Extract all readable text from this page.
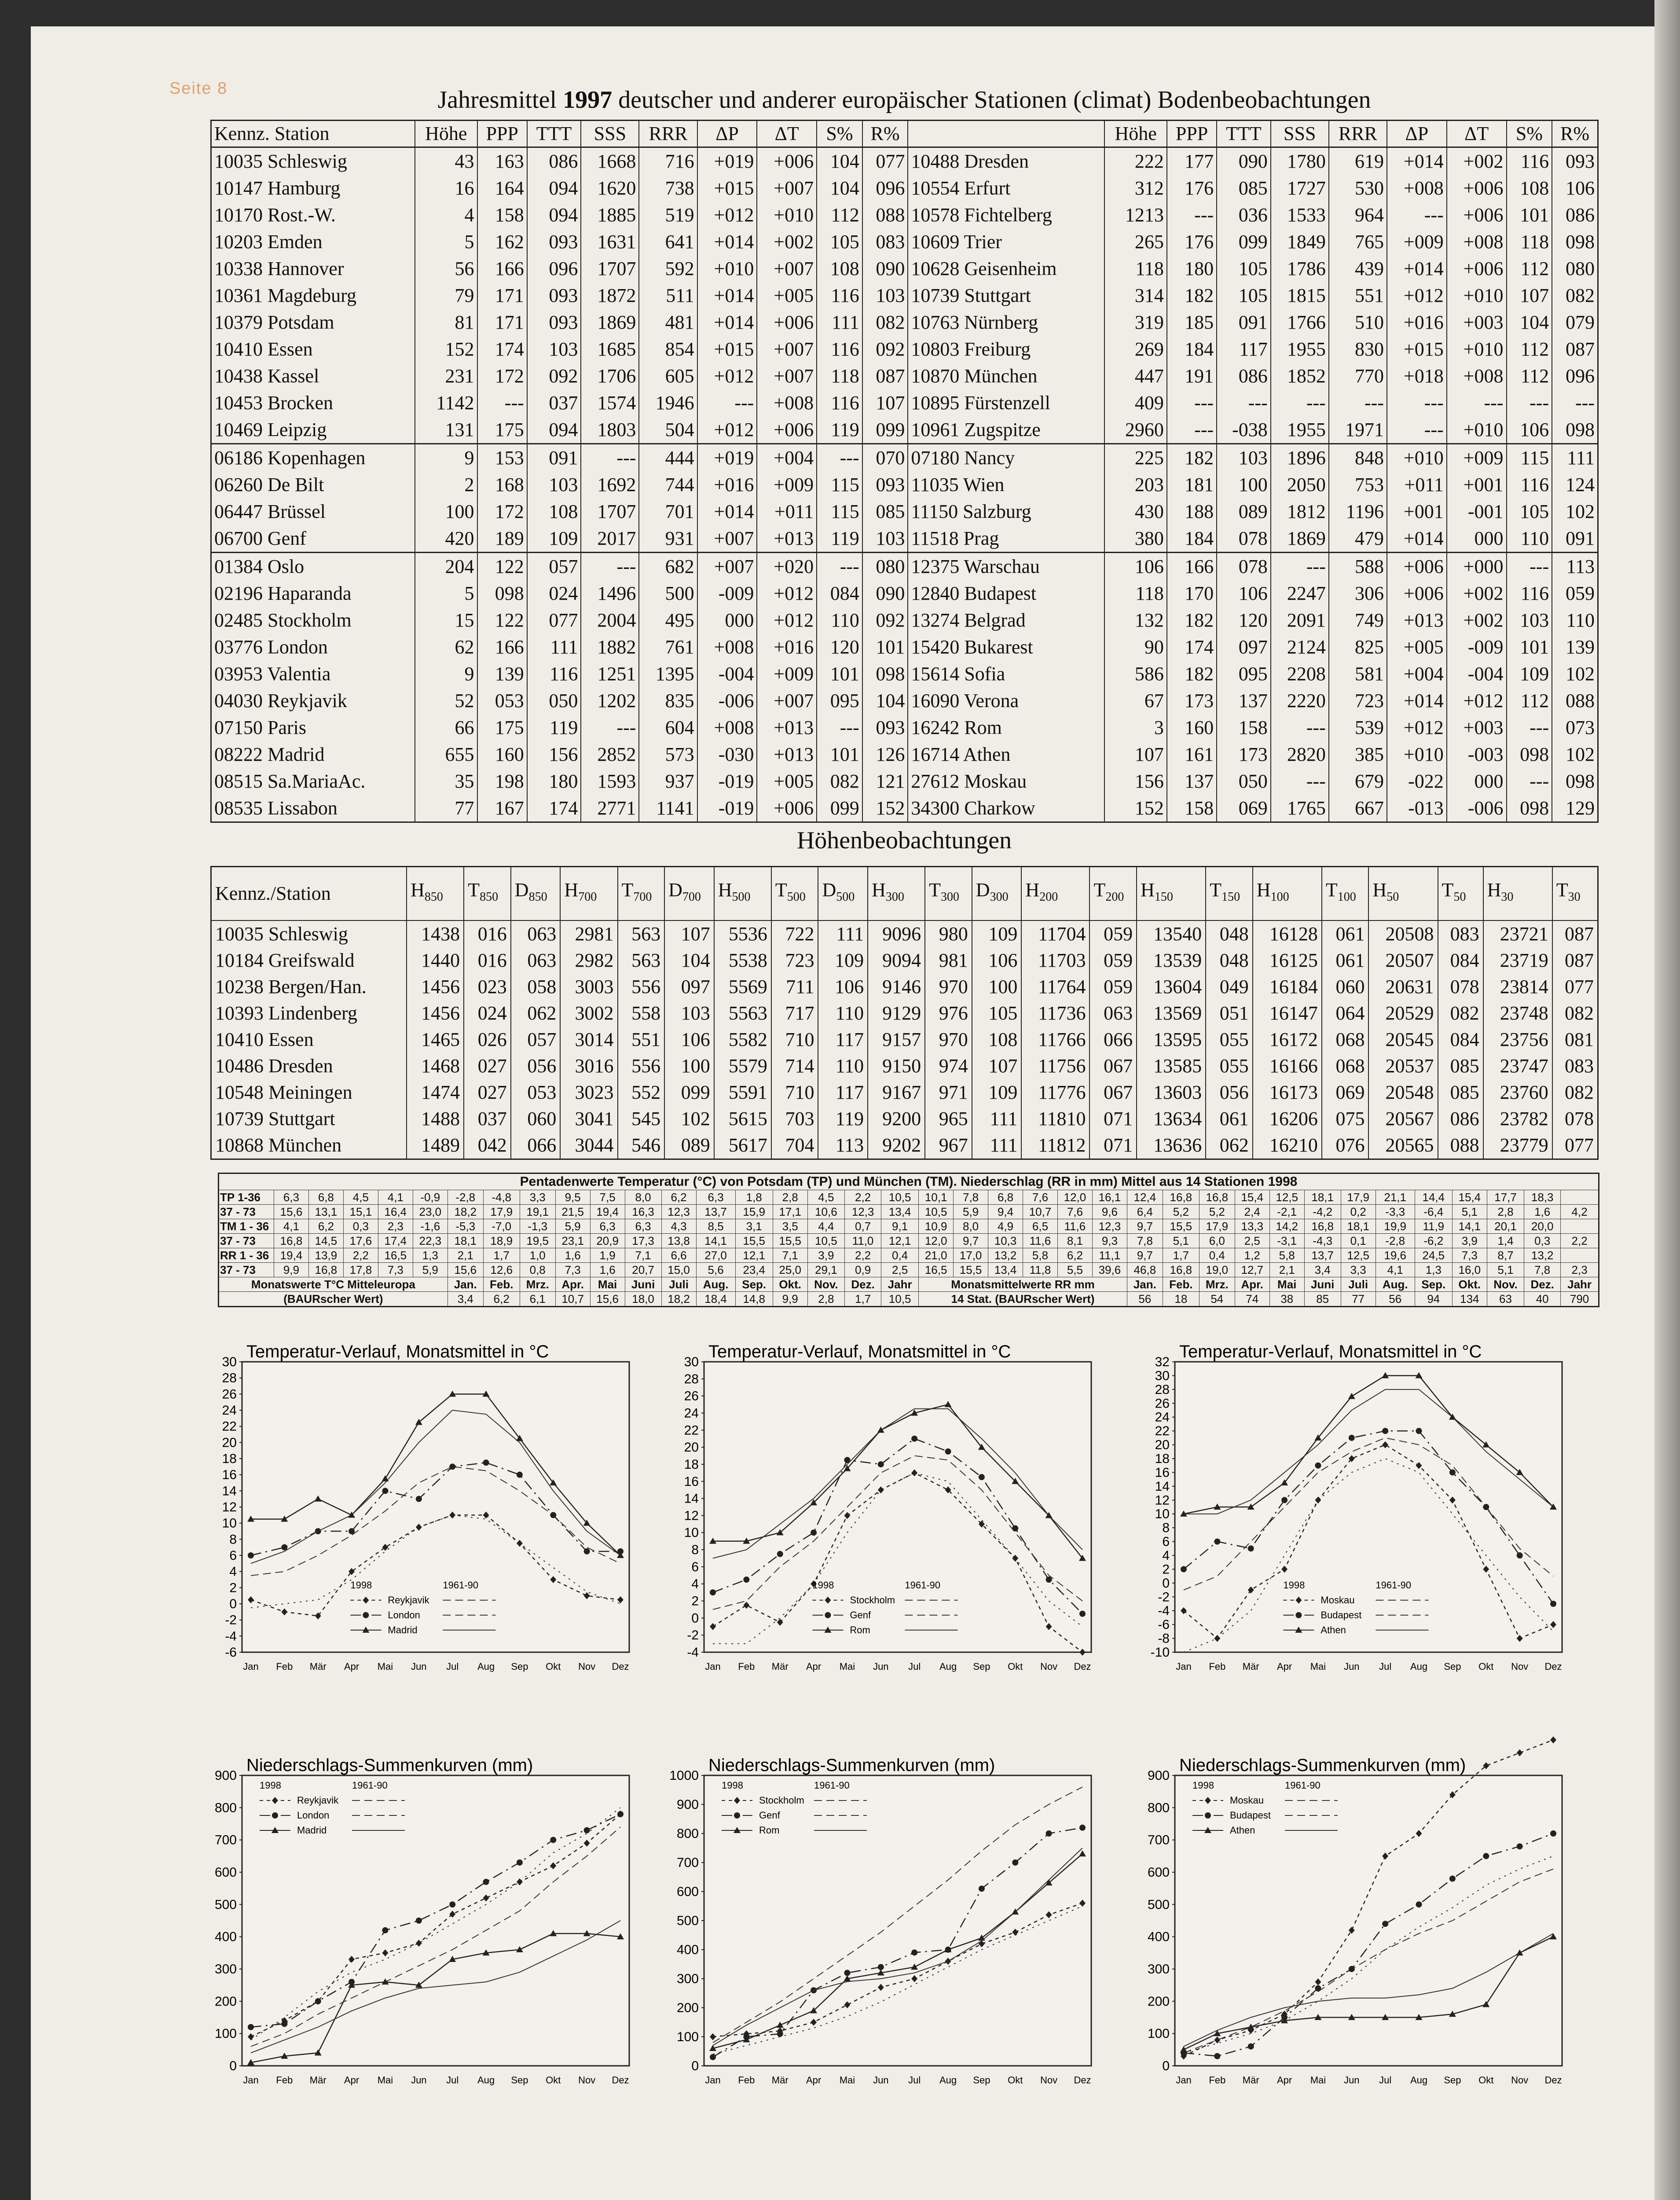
Seite 8	Jahresmittel 1997 deutscher und anderer europäischer Stationen (climat) Bodenbeobachtungen
Kennz. Station	Höhe	PPP	TTT	SSS	RRR	ΔP	ΔT	S%	R%		Höhe	PPP	TTT	SSS	RRR	ΔP	ΔT	S%	R%
10035 Schleswig	43	163	086	1668	716	+019	+006	104	077	10488 Dresden	222	177	090	1780	619	+014	+002	116	093
10147 Hamburg	16	164	094	1620	738	+015	+007	104	096	10554 Erfurt	312	176	085	1727	530	+008	+006	108	106
10170 Rost.-W.	4	158	094	1885	519	+012	+010	112	088	10578 Fichtelberg	1213	---	036	1533	964	---	+006	101	086
10203 Emden	5	162	093	1631	641	+014	+002	105	083	10609 Trier	265	176	099	1849	765	+009	+008	118	098
10338 Hannover	56	166	096	1707	592	+010	+007	108	090	10628 Geisenheim	118	180	105	1786	439	+014	+006	112	080
10361 Magdeburg	79	171	093	1872	511	+014	+005	116	103	10739 Stuttgart	314	182	105	1815	551	+012	+010	107	082
10379 Potsdam	81	171	093	1869	481	+014	+006	111	082	10763 Nürnberg	319	185	091	1766	510	+016	+003	104	079
10410 Essen	152	174	103	1685	854	+015	+007	116	092	10803 Freiburg	269	184	117	1955	830	+015	+010	112	087
10438 Kassel	231	172	092	1706	605	+012	+007	118	087	10870 München	447	191	086	1852	770	+018	+008	112	096
10453 Brocken	1142	---	037	1574	1946	---	+008	116	107	10895 Fürstenzell	409	---	---	---	---	---	---	---	---
10469 Leipzig	131	175	094	1803	504	+012	+006	119	099	10961 Zugspitze	2960	---	-038	1955	1971	---	+010	106	098
06186 Kopenhagen	9	153	091	---	444	+019	+004	---	070	07180 Nancy	225	182	103	1896	848	+010	+009	115	111
06260 De Bilt	2	168	103	1692	744	+016	+009	115	093	11035 Wien	203	181	100	2050	753	+011	+001	116	124
06447 Brüssel	100	172	108	1707	701	+014	+011	115	085	11150 Salzburg	430	188	089	1812	1196	+001	-001	105	102
06700 Genf	420	189	109	2017	931	+007	+013	119	103	11518 Prag	380	184	078	1869	479	+014	000	110	091
01384 Oslo	204	122	057	---	682	+007	+020	---	080	12375 Warschau	106	166	078	---	588	+006	+000	---	113
02196 Haparanda	5	098	024	1496	500	-009	+012	084	090	12840 Budapest	118	170	106	2247	306	+006	+002	116	059
02485 Stockholm	15	122	077	2004	495	000	+012	110	092	13274 Belgrad	132	182	120	2091	749	+013	+002	103	110
03776 London	62	166	111	1882	761	+008	+016	120	101	15420 Bukarest	90	174	097	2124	825	+005	-009	101	139
03953 Valentia	9	139	116	1251	1395	-004	+009	101	098	15614 Sofia	586	182	095	2208	581	+004	-004	109	102
04030 Reykjavik	52	053	050	1202	835	-006	+007	095	104	16090 Verona	67	173	137	2220	723	+014	+012	112	088
07150 Paris	66	175	119	---	604	+008	+013	---	093	16242 Rom	3	160	158	---	539	+012	+003	---	073
08222 Madrid	655	160	156	2852	573	-030	+013	101	126	16714 Athen	107	161	173	2820	385	+010	-003	098	102
08515 Sa.MariaAc.	35	198	180	1593	937	-019	+005	082	121	27612 Moskau	156	137	050	---	679	-022	000	---	098
08535 Lissabon	77	167	174	2771	1141	-019	+006	099	152	34300 Charkow	152	158	069	1765	667	-013	-006	098	129
Höhenbeobachtungen
Kennz./Station	$H_{850}$	$T_{850}$	$D_{850}$	$H_{700}$	$T_{700}$	$D_{700}$	$H_{500}$	$T_{500}$	$D_{500}$	$H_{300}$	$T_{300}$	$D_{300}$	$H_{200}$	$T_{200}$	$H_{150}$	$T_{150}$	$H_{100}$	$T_{100}$	$H_{50}$	$T_{50}$	$H_{30}$	$T_{30}$
10035 Schleswig	1438	016	063	2981	563	107	5536	722	111	9096	980	109	11704	059	13540	048	16128	061	20508	083	23721	087
10184 Greifswald	1440	016	063	2982	563	104	5538	723	109	9094	981	106	11703	059	13539	048	16125	061	20507	084	23719	087
10238 Bergen/Han.	1456	023	058	3003	556	097	5569	711	106	9146	970	100	11764	059	13604	049	16184	060	20631	078	23814	077
10393 Lindenberg	1456	024	062	3002	558	103	5563	717	110	9129	976	105	11736	063	13569	051	16147	064	20529	082	23748	082
10410 Essen	1465	026	057	3014	551	106	5582	710	117	9157	970	108	11766	066	13595	055	16172	068	20545	084	23756	081
10486 Dresden	1468	027	056	3016	556	100	5579	714	110	9150	974	107	11756	067	13585	055	16166	068	20537	085	23747	083
10548 Meiningen	1474	027	053	3023	552	099	5591	710	117	9167	971	109	11776	067	13603	056	16173	069	20548	085	23760	082
10739 Stuttgart	1488	037	060	3041	545	102	5615	703	119	9200	965	111	11810	071	13634	061	16206	075	20567	086	23782	078
10868 München	1489	042	066	3044	546	089	5617	704	113	9202	967	111	11812	071	13636	062	16210	076	20565	088	23779	077
Pentadenwerte Temperatur (°C) von Potsdam (TP) und München (TM). Niederschlag (RR in mm) Mittel aus 14 Stationen 1998																																					
TP 1-36	6,3	6,8	4,5	4,1	-0,9	-2,8	-4,8	3,3	9,5	7,5	8,0	6,2	6,3	1,8	2,8	4,5	2,2	10,5	10,1	7,8	6,8	7,6	12,0	16,1	12,4	16,8	16,8	15,4	12,5	18,1	17,9	21,1	14,4	15,4	17,7	18,3	
37 - 73	15,6	13,1	15,1	16,4	23,0	18,2	17,9	19,1	21,5	19,4	16,3	12,3	13,7	15,9	17,1	10,6	12,3	13,4	10,5	5,9	9,4	10,7	7,6	9,6	6,4	5,2	5,2	2,4	-2,1	-4,2	0,2	-3,3	-6,4	5,1	2,8	1,6	4,2
TM 1 - 36	4,1	6,2	0,3	2,3	-1,6	-5,3	-7,0	-1,3	5,9	6,3	6,3	4,3	8,5	3,1	3,5	4,4	0,7	9,1	10,9	8,0	4,9	6,5	11,6	12,3	9,7	15,5	17,9	13,3	14,2	16,8	18,1	19,9	11,9	14,1	20,1	20,0	
37 - 73	16,8	14,5	17,6	17,4	22,3	18,1	18,9	19,5	23,1	20,9	17,3	13,8	14,1	15,5	15,5	10,5	11,0	12,1	12,0	9,7	10,3	11,6	8,1	9,3	7,8	5,1	6,0	2,5	-3,1	-4,3	0,1	-2,8	-6,2	3,9	1,4	0,3	2,2
RR 1 - 36	19,4	13,9	2,2	16,5	1,3	2,1	1,7	1,0	1,6	1,9	7,1	6,6	27,0	12,1	7,1	3,9	2,2	0,4	21,0	17,0	13,2	5,8	6,2	11,1	9,7	1,7	0,4	1,2	5,8	13,7	12,5	19,6	24,5	7,3	8,7	13,2	
37 - 73	9,9	16,8	17,8	7,3	5,9	15,6	12,6	0,8	7,3	1,6	20,7	15,0	5,6	23,4	25,0	29,1	0,9	2,5	16,5	15,5	13,4	11,8	5,5	39,6	46,8	16,8	19,0	12,7	2,1	3,4	3,3	4,1	1,3	16,0	5,1	7,8	2,3
Monatswerte T°C Mitteleuropa						Jan.	Feb.	Mrz.	Apr.	Mai	Juni	Juli	Aug.	Sep.	Okt.	Nov.	Dez.	Jahr	Monatsmittelwerte RR mm						Jan.	Feb.	Mrz.	Apr.	Mai	Juni	Juli	Aug.	Sep.	Okt.	Nov.	Dez.	Jahr
(BAURscher Wert)						3,4	6,2	6,1	10,7	15,6	18,0	18,2	18,4	14,8	9,9	2,8	1,7	10,5	14 Stat. (BAURscher Wert)						56	18	54	74	38	85	77	56	94	134	63	40	790
Temperatur-Verlauf, Monatsmittel in °C
-6
-4
-2
0
2
4
6
8
10
12
14
16
18
20
22
24
26
28
30
Jan Feb Mär Apr Mai Jun Jul Aug Sep Okt Nov Dez
1998	1961-90
Reykjavik
London
Madrid
Temperatur-Verlauf, Monatsmittel in °C
-4
-2
0
2
4
6
8
10
12
14
16
18
20
22
24
26
28
30
Jan Feb Mär Apr Mai Jun Jul Aug Sep Okt Nov Dez
1998	1961-90
Stockholm
Genf
Rom
Temperatur-Verlauf, Monatsmittel in °C
-10
-8
-6
-4
-2
0
2
4
6
8
10
12
14
16
18
20
22
24
26
28
30
32
Jan Feb Mär Apr Mai Jun Jul Aug Sep Okt Nov Dez
1998	1961-90
Moskau
Budapest
Athen
Niederschlags-Summenkurven (mm)
0
100
200
300
400
500
600
700
800
900
Jan Feb Mär Apr Mai Jun Jul Aug Sep Okt Nov Dez
1998	1961-90
Reykjavik
London
Madrid
Niederschlags-Summenkurven (mm)
0
100
200
300
400
500
600
700
800
900
1000
Jan Feb Mär Apr Mai Jun Jul Aug Sep Okt Nov Dez
1998	1961-90
Stockholm
Genf
Rom
Niederschlags-Summenkurven (mm)
0
100
200
300
400
500
600
700
800
900
Jan Feb Mär Apr Mai Jun Jul Aug Sep Okt Nov Dez
1998	1961-90
Moskau
Budapest
Athen
